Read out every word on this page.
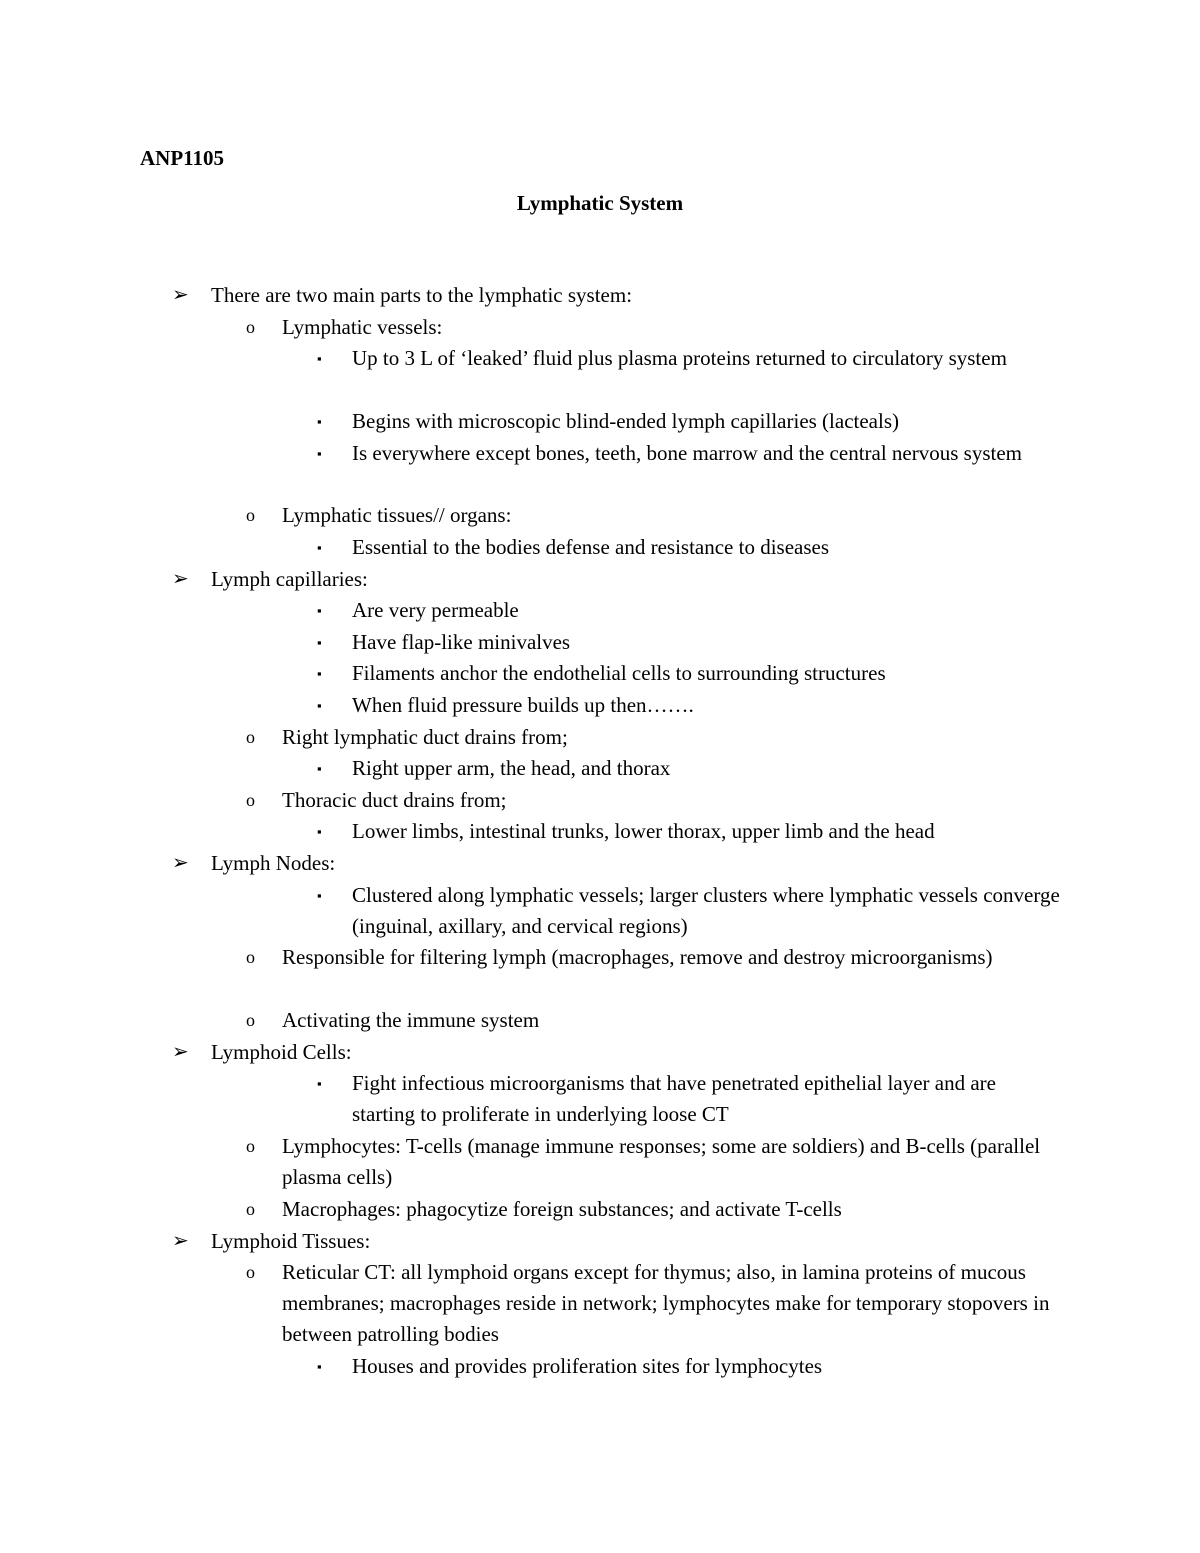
ANP1105
Lymphatic System
➢ There are two main parts to the lymphatic system:
o Lymphatic vessels:
▪ Up to 3 L of ‘leaked’ fluid plus plasma proteins returned to circulatory system
▪ Begins with microscopic blind-ended lymph capillaries (lacteals)
▪ Is everywhere except bones, teeth, bone marrow and the central nervous system
o Lymphatic tissues// organs:
▪ Essential to the bodies defense and resistance to diseases
➢ Lymph capillaries:
▪ Are very permeable
▪ Have flap-like minivalves
▪ Filaments anchor the endothelial cells to surrounding structures
▪ When fluid pressure builds up then…….
o Right lymphatic duct drains from;
▪ Right upper arm, the head, and thorax
o Thoracic duct drains from;
▪ Lower limbs, intestinal trunks, lower thorax, upper limb and the head
➢ Lymph Nodes:
▪ Clustered along lymphatic vessels; larger clusters where lymphatic vessels converge (inguinal, axillary, and cervical regions)
o Responsible for filtering lymph (macrophages, remove and destroy microorganisms)
o Activating the immune system
➢ Lymphoid Cells:
▪ Fight infectious microorganisms that have penetrated epithelial layer and are starting to proliferate in underlying loose CT
o Lymphocytes: T-cells (manage immune responses; some are soldiers) and B-cells (parallel plasma cells)
o Macrophages: phagocytize foreign substances; and activate T-cells
➢ Lymphoid Tissues:
o Reticular CT: all lymphoid organs except for thymus; also, in lamina proteins of mucous membranes; macrophages reside in network; lymphocytes make for temporary stopovers in between patrolling bodies
▪ Houses and provides proliferation sites for lymphocytes
